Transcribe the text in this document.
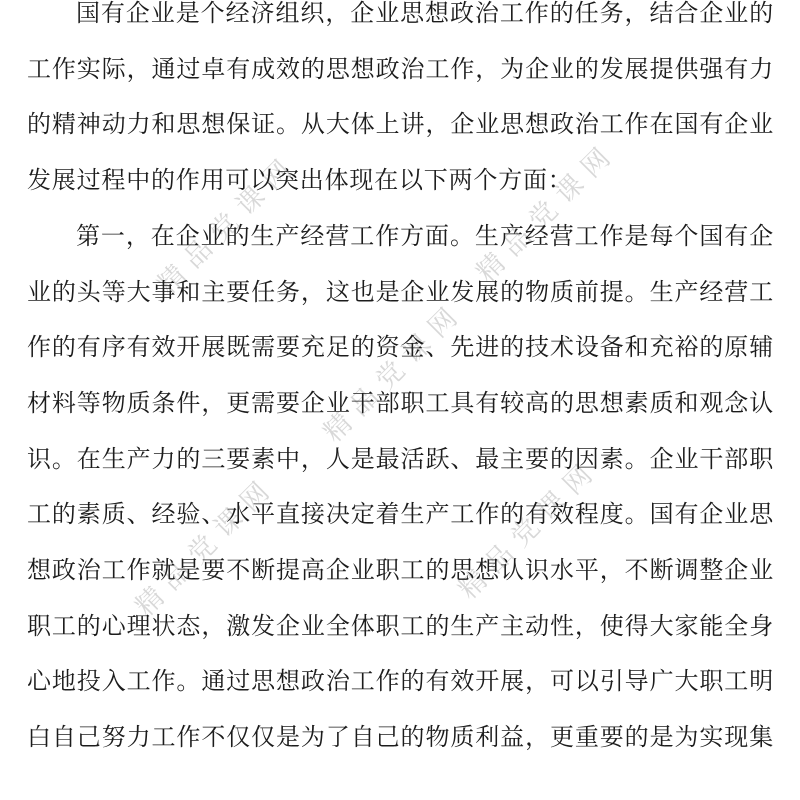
精品党课网	精品党课网
精品党课网
精品党课网	精品党课网
国有企业是个经济组织，企业思想政治工作的任务，结合企业的
工作实际，通过卓有成效的思想政治工作，为企业的发展提供强有力
的精神动力和思想保证。从大体上讲，企业思想政治工作在国有企业
发展过程中的作用可以突出体现在以下两个方面：
第一，在企业的生产经营工作方面。生产经营工作是每个国有企
业的头等大事和主要任务，这也是企业发展的物质前提。生产经营工
作的有序有效开展既需要充足的资金、先进的技术设备和充裕的原辅
材料等物质条件，更需要企业干部职工具有较高的思想素质和观念认
识。在生产力的三要素中，人是最活跃、最主要的因素。企业干部职
工的素质、经验、水平直接决定着生产工作的有效程度。国有企业思
想政治工作就是要不断提高企业职工的思想认识水平，不断调整企业
职工的心理状态，激发企业全体职工的生产主动性，使得大家能全身
心地投入工作。通过思想政治工作的有效开展，可以引导广大职工明
白自己努力工作不仅仅是为了自己的物质利益，更重要的是为实现集
